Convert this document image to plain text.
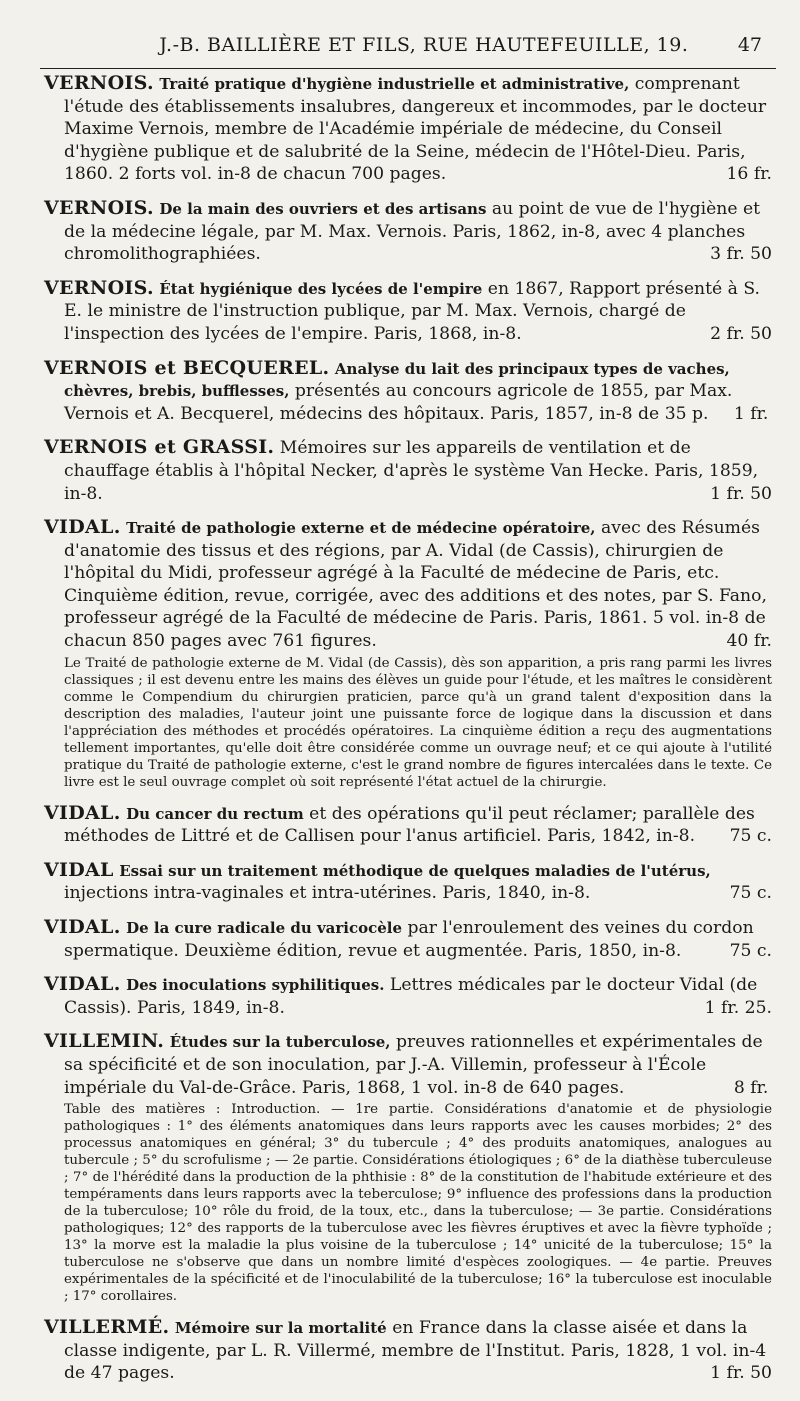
J.-B. BAILLIÈRE ET FILS, RUE HAUTEFEUILLE, 19.	47

VERNOIS. Traité pratique d'hygiène industrielle et administrative, comprenant l'étude des établissements insalubres, dangereux et incommodes, par le docteur Maxime Vernois, membre de l'Académie impériale de médecine, du Conseil d'hygiène publique et de salubrité de la Seine, médecin de l'Hôtel-Dieu. Paris, 1860. 2 forts vol. in-8 de chacun 700 pages.	16 fr.

VERNOIS. De la main des ouvriers et des artisans au point de vue de l'hygiène et de la médecine légale, par M. Max. Vernois. Paris, 1862, in-8, avec 4 planches chromolithographiées.	3 fr. 50

VERNOIS. État hygiénique des lycées de l'empire en 1867, Rapport présenté à S. E. le ministre de l'instruction publique, par M. Max. Vernois, chargé de l'inspection des lycées de l'empire. Paris, 1868, in-8.	2 fr. 50

VERNOIS et BECQUEREL. Analyse du lait des principaux types de vaches, chèvres, brebis, bufflesses, présentés au concours agricole de 1855, par Max. Vernois et A. Becquerel, médecins des hôpitaux. Paris, 1857, in-8 de 35 p. 1 fr.

VERNOIS et GRASSI. Mémoires sur les appareils de ventilation et de chauffage établis à l'hôpital Necker, d'après le système Van Hecke. Paris, 1859, in-8.	1 fr. 50

VIDAL. Traité de pathologie externe et de médecine opératoire, avec des Résumés d'anatomie des tissus et des régions, par A. Vidal (de Cassis), chirurgien de l'hôpital du Midi, professeur agrégé à la Faculté de médecine de Paris, etc. Cinquième édition, revue, corrigée, avec des additions et des notes, par S. Fano, professeur agrégé de la Faculté de médecine de Paris. Paris, 1861. 5 vol. in-8 de chacun 850 pages avec 761 figures.	40 fr.

Le Traité de pathologie externe de M. Vidal (de Cassis), dès son apparition, a pris rang parmi les livres classiques ; il est devenu entre les mains des élèves un guide pour l'étude, et les maîtres le considèrent comme le Compendium du chirurgien praticien, parce qu'à un grand talent d'exposition dans la description des maladies, l'auteur joint une puissante force de logique dans la discussion et dans l'appréciation des méthodes et procédés opératoires. La cinquième édition a reçu des augmentations tellement importantes, qu'elle doit être considérée comme un ouvrage neuf; et ce qui ajoute à l'utilité pratique du Traité de pathologie externe, c'est le grand nombre de figures intercalées dans le texte. Ce livre est le seul ouvrage complet où soit représenté l'état actuel de la chirurgie.

VIDAL. Du cancer du rectum et des opérations qu'il peut réclamer; parallèle des méthodes de Littré et de Callisen pour l'anus artificiel. Paris, 1842, in-8. 75 c.

VIDAL Essai sur un traitement méthodique de quelques maladies de l'utérus, injections intra-vaginales et intra-utérines. Paris, 1840, in-8.	75 c.

VIDAL. De la cure radicale du varicocèle par l'enroulement des veines du cordon spermatique. Deuxième édition, revue et augmentée. Paris, 1850, in-8.	75 c.

VIDAL. Des inoculations syphilitiques. Lettres médicales par le docteur Vidal (de Cassis). Paris, 1849, in-8.	1 fr. 25.

VILLEMIN. Études sur la tuberculose, preuves rationnelles et expérimentales de sa spécificité et de son inoculation, par J.-A. Villemin, professeur à l'École impériale du Val-de-Grâce. Paris, 1868, 1 vol. in-8 de 640 pages.	8 fr.

Table des matières : Introduction. — 1re partie. Considérations d'anatomie et de physiologie pathologiques : 1° des éléments anatomiques dans leurs rapports avec les causes morbides; 2° des processus anatomiques en général; 3° du tubercule ; 4° des produits anatomiques, analogues au tubercule ; 5° du scrofulisme ; — 2e partie. Considérations étiologiques ; 6° de la diathèse tuberculeuse ; 7° de l'hérédité dans la production de la phthisie : 8° de la constitution de l'habitude extérieure et des tempéraments dans leurs rapports avec la teberculose; 9° influence des professions dans la production de la tuberculose; 10° rôle du froid, de la toux, etc., dans la tuberculose; — 3e partie. Considérations pathologiques; 12° des rapports de la tuberculose avec les fièvres éruptives et avec la fièvre typhoïde ; 13° la morve est la maladie la plus voisine de la tuberculose ; 14° unicité de la tuberculose; 15° la tuberculose ne s'observe que dans un nombre limité d'espèces zoologiques. — 4e partie. Preuves expérimentales de la spécificité et de l'inoculabilité de la tuberculose; 16° la tuberculose est inoculable ; 17° corollaires.

VILLERMÉ. Mémoire sur la mortalité en France dans la classe aisée et dans la classe indigente, par L. R. Villermé, membre de l'Institut. Paris, 1828, 1 vol. in-4 de 47 pages.	1 fr. 50
